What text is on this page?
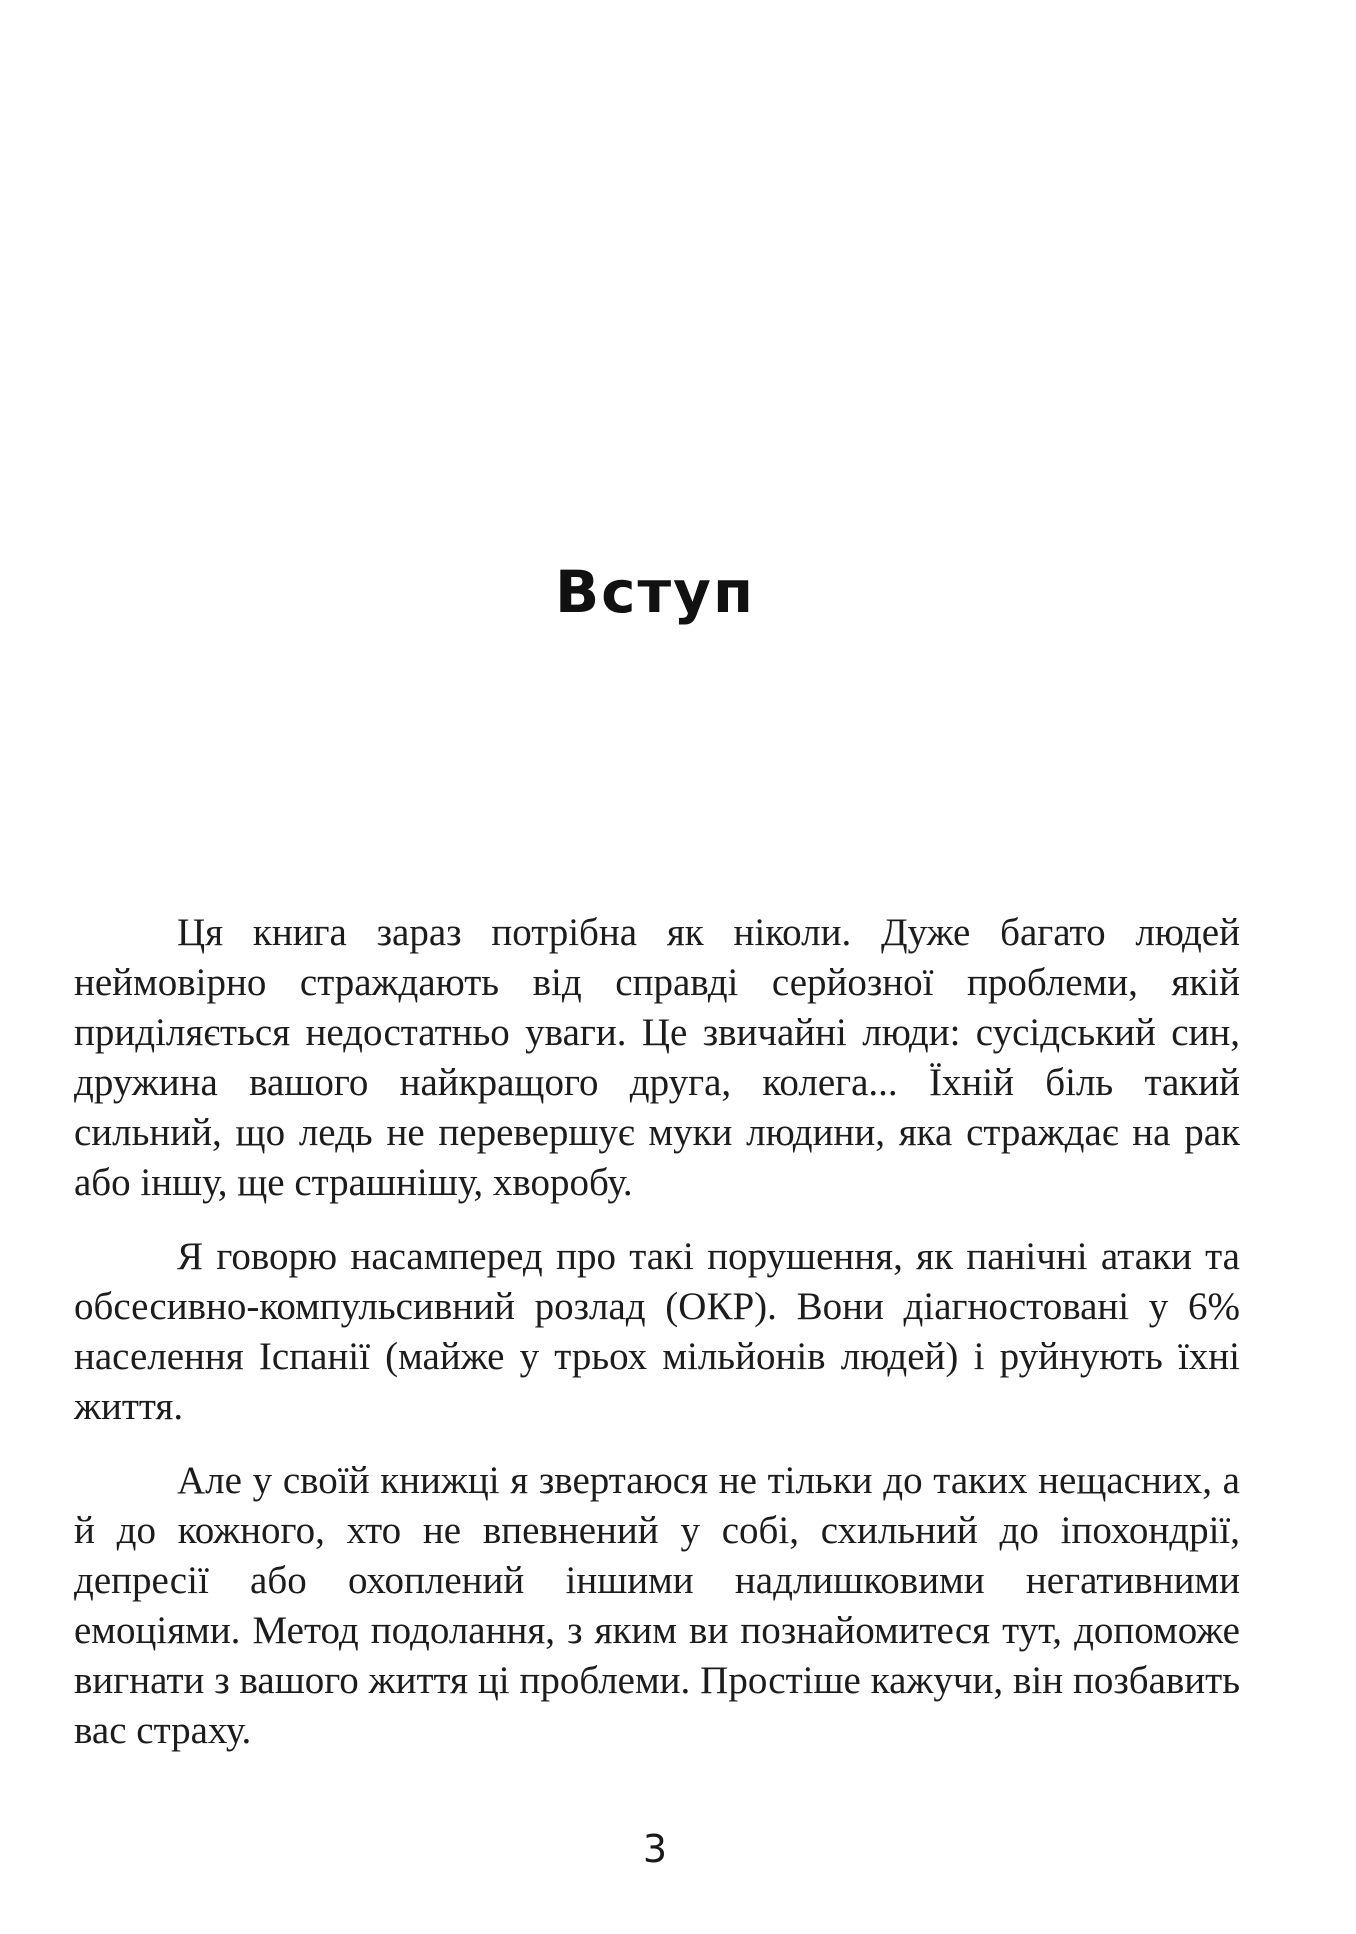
Вступ

Ця книга зараз потрібна як ніколи. Дуже багато людей неймовірно страждають від справді серйозної проблеми, якій приділяється недостатньо уваги. Це звичайні люди: сусідський син, дружина вашого найкращого друга, колега... Їхній біль такий сильний, що ледь не перевершує муки людини, яка страждає на рак або іншу, ще страшнішу, хворобу.

Я говорю насамперед про такі порушення, як панічні атаки та обсесивно-компульсивний розлад (ОКР). Вони діагностовані у 6% населення Іспанії (майже у трьох мільйонів людей) і руйнують їхні життя.

Але у своїй книжці я звертаюся не тільки до таких нещасних, а й до кожного, хто не впевнений у собі, схильний до іпохондрії, депресії або охоплений іншими надлишковими негативними емоціями. Метод подолання, з яким ви познайомитеся тут, допоможе вигнати з вашого життя ці проблеми. Простіше кажучи, він позбавить вас страху.

3
